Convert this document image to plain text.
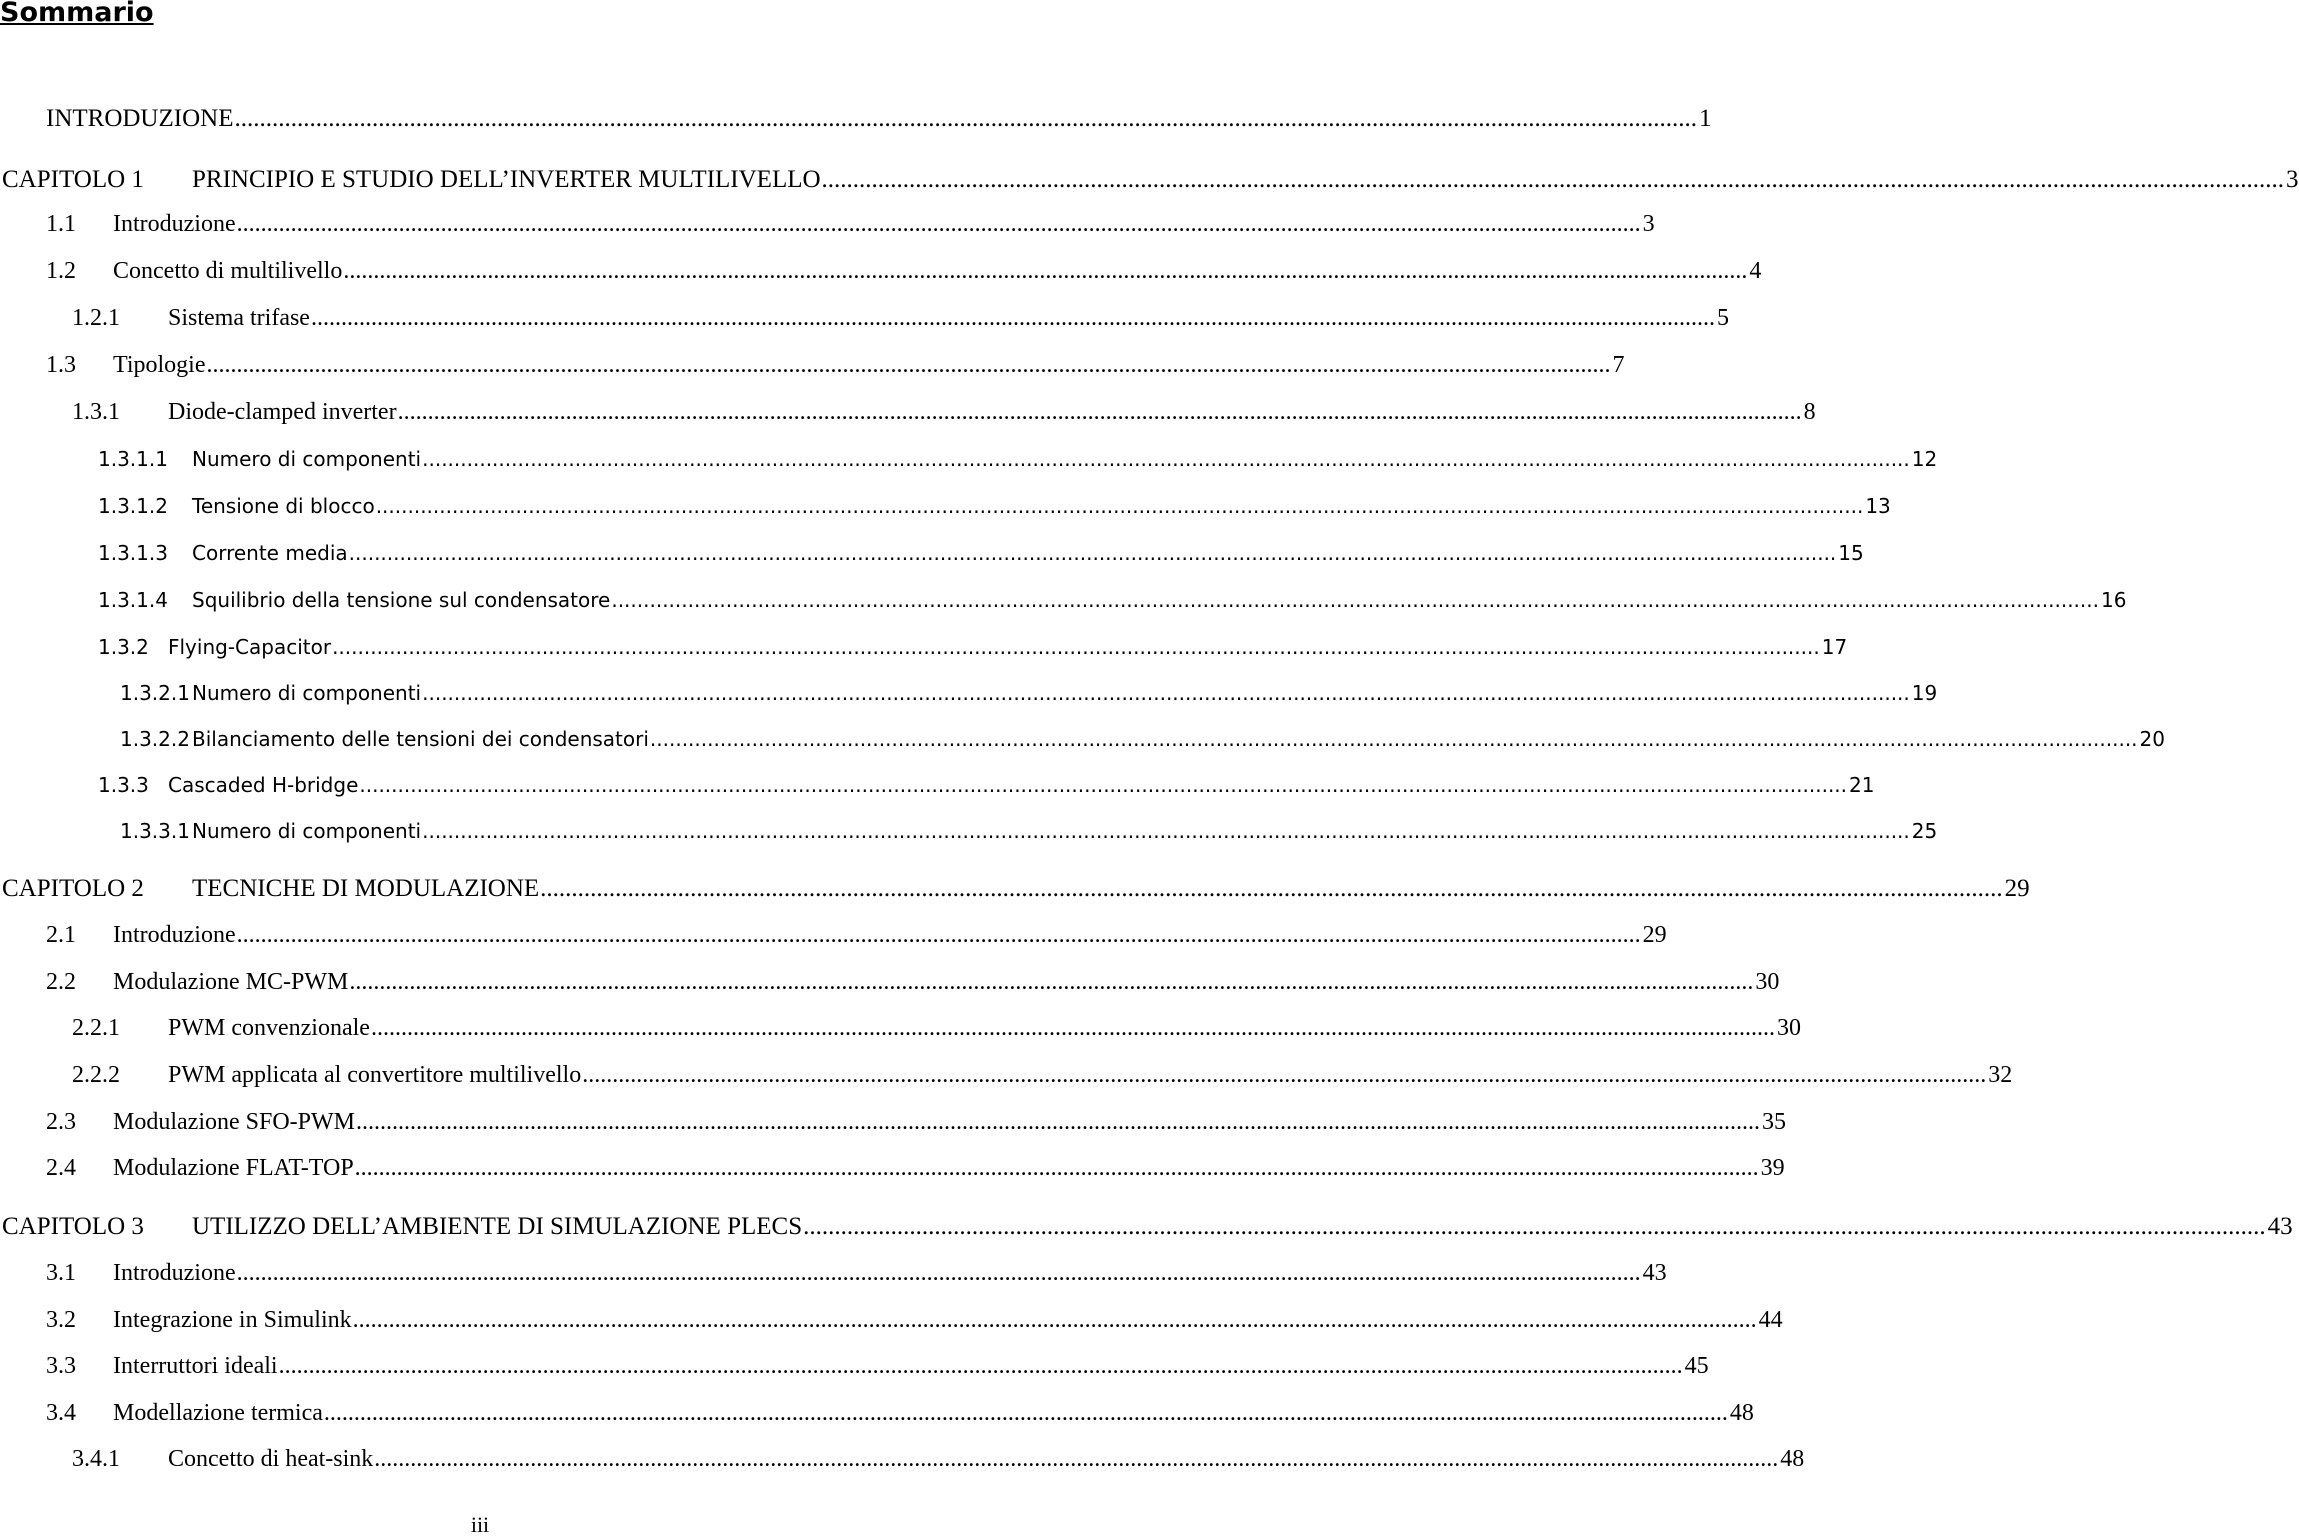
Sommario
INTRODUZIONE .....	1
CAPITOLO 1	PRINCIPIO E STUDIO DELL’INVERTER MULTILIVELLO .....	3
1.1	Introduzione .....	3
1.2	Concetto di multilivello .....	4
1.2.1	Sistema trifase .....	5
1.3	Tipologie .....	7
1.3.1	Diode-clamped inverter .....	8
1.3.1.1	Numero di componenti .....	12
1.3.1.2	Tensione di blocco .....	13
1.3.1.3	Corrente media .....	15
1.3.1.4	Squilibrio della tensione sul condensatore .....	16
1.3.2 Flying-Capacitor .....	17
1.3.2.1 Numero di componenti .....	19
1.3.2.2 Bilanciamento delle tensioni dei condensatori .....	20
1.3.3 Cascaded H-bridge .....	21
1.3.3.1 Numero di componenti .....	25
CAPITOLO 2	TECNICHE DI MODULAZIONE .....	29
2.1	Introduzione .....	29
2.2	Modulazione MC-PWM .....	30
2.2.1	PWM convenzionale .....	30
2.2.2	PWM applicata al convertitore multilivello .....	32
2.3	Modulazione SFO-PWM .....	35
2.4	Modulazione FLAT-TOP .....	39
CAPITOLO 3	UTILIZZO DELL’AMBIENTE DI SIMULAZIONE PLECS .....	43
3.1	Introduzione .....	43
3.2	Integrazione in Simulink .....	44
3.3	Interruttori ideali .....	45
3.4	Modellazione termica .....	48
3.4.1	Concetto di heat-sink .....	48
iii
